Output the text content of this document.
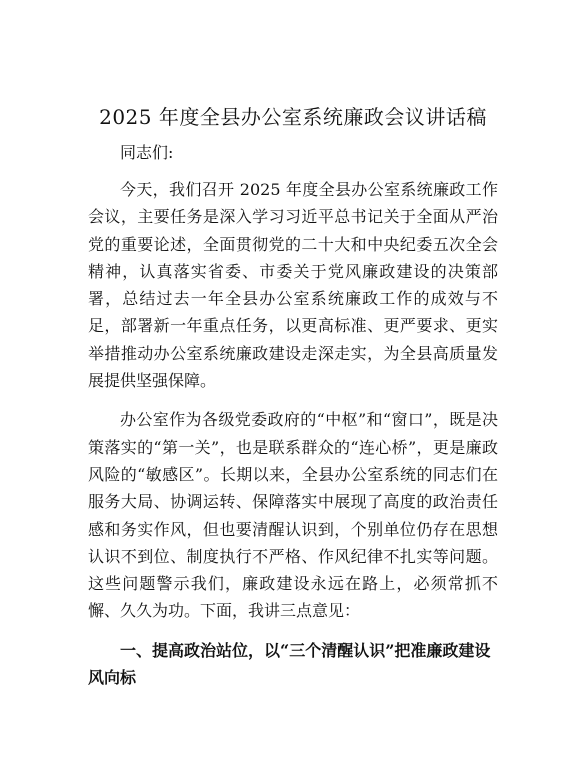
2025 年度全县办公室系统廉政会议讲话稿

同志们:

今天，我们召开 2025 年度全县办公室系统廉政工作会议，主要任务是深入学习习近平总书记关于全面从严治党的重要论述，全面贯彻党的二十大和中央纪委五次全会精神，认真落实省委、市委关于党风廉政建设的决策部署，总结过去一年全县办公室系统廉政工作的成效与不足，部署新一年重点任务，以更高标准、更严要求、更实举措推动办公室系统廉政建设走深走实，为全县高质量发展提供坚强保障。

办公室作为各级党委政府的“中枢”和“窗口”，既是决策落实的“第一关”，也是联系群众的“连心桥”，更是廉政风险的“敏感区”。长期以来，全县办公室系统的同志们在服务大局、协调运转、保障落实中展现了高度的政治责任感和务实作风，但也要清醒认识到，个别单位仍存在思想认识不到位、制度执行不严格、作风纪律不扎实等问题。这些问题警示我们，廉政建设永远在路上，必须常抓不懈、久久为功。下面，我讲三点意见：

一、提高政治站位，以“三个清醒认识”把准廉政建设风向标
